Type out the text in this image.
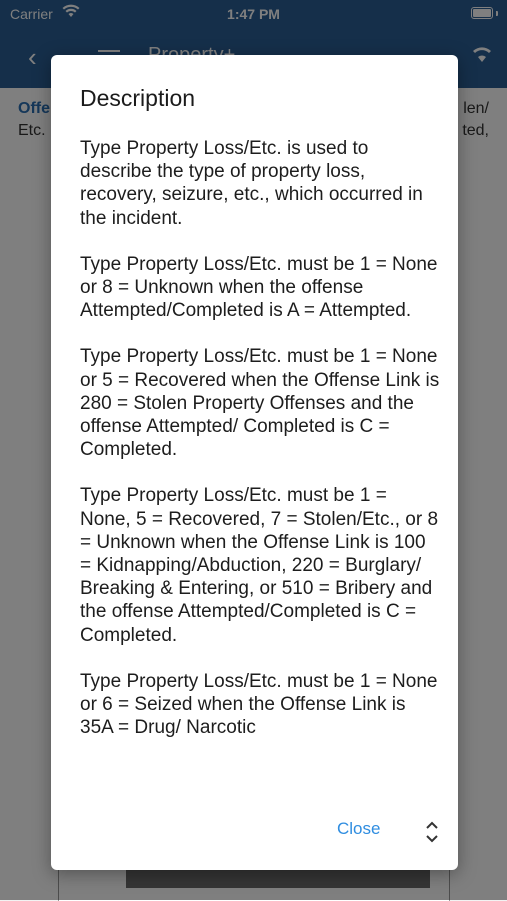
Description

Type Property Loss/Etc. is used to describe the type of property loss, recovery, seizure, etc., which occurred in the incident.

Type Property Loss/Etc. must be 1 = None or 8 = Unknown when the offense Attempted/Completed is A = Attempted.

Type Property Loss/Etc. must be 1 = None or 5 = Recovered when the Offense Link is 280 = Stolen Property Offenses and the offense Attempted/ Completed is C = Completed.

Type Property Loss/Etc. must be 1 = None, 5 = Recovered, 7 = Stolen/Etc., or 8 = Unknown when the Offense Link is 100 = Kidnapping/Abduction, 220 = Burglary/ Breaking & Entering, or 510 = Bribery and the offense Attempted/Completed is C = Completed.

Type Property Loss/Etc. must be 1 = None or 6 = Seized when the Offense Link is 35A = Drug/ Narcotic

Close
